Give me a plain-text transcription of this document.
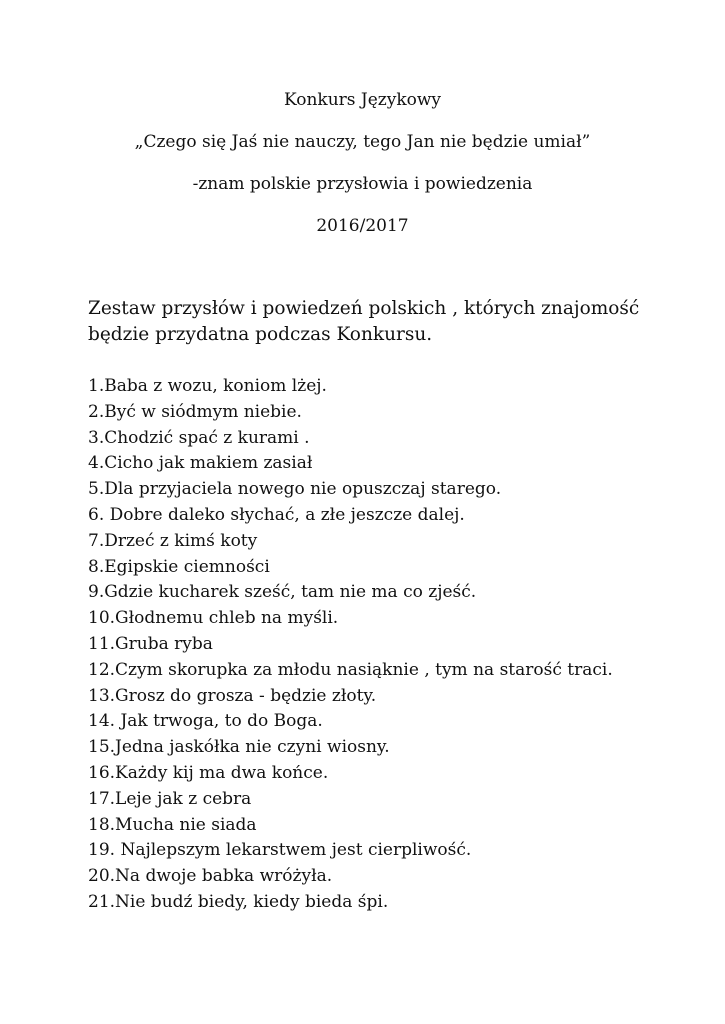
Konkurs Językowy
„Czego się Jaś nie nauczy, tego Jan nie będzie umiał”
-znam polskie przysłowia i powiedzenia
2016/2017
Zestaw przysłów i powiedzeń polskich , których znajomość
będzie przydatna podczas Konkursu.
1.Baba z wozu, koniom lżej.
2.Być w siódmym niebie.
3.Chodzić spać z kurami .
4.Cicho jak makiem zasiał
5.Dla przyjaciela nowego nie opuszczaj starego.
6. Dobre daleko słychać, a złe jeszcze dalej.
7.Drzeć z kimś koty
8.Egipskie ciemności
9.Gdzie kucharek sześć, tam nie ma co zjeść.
10.Głodnemu chleb na myśli.
11.Gruba ryba
12.Czym skorupka za młodu nasiąknie , tym na starość traci.
13.Grosz do grosza - będzie złoty.
14. Jak trwoga, to do Boga.
15.Jedna jaskółka nie czyni wiosny.
16.Każdy kij ma dwa końce.
17.Leje jak z cebra
18.Mucha nie siada
19. Najlepszym lekarstwem jest cierpliwość.
20.Na dwoje babka wróżyła.
21.Nie budź biedy, kiedy bieda śpi.
